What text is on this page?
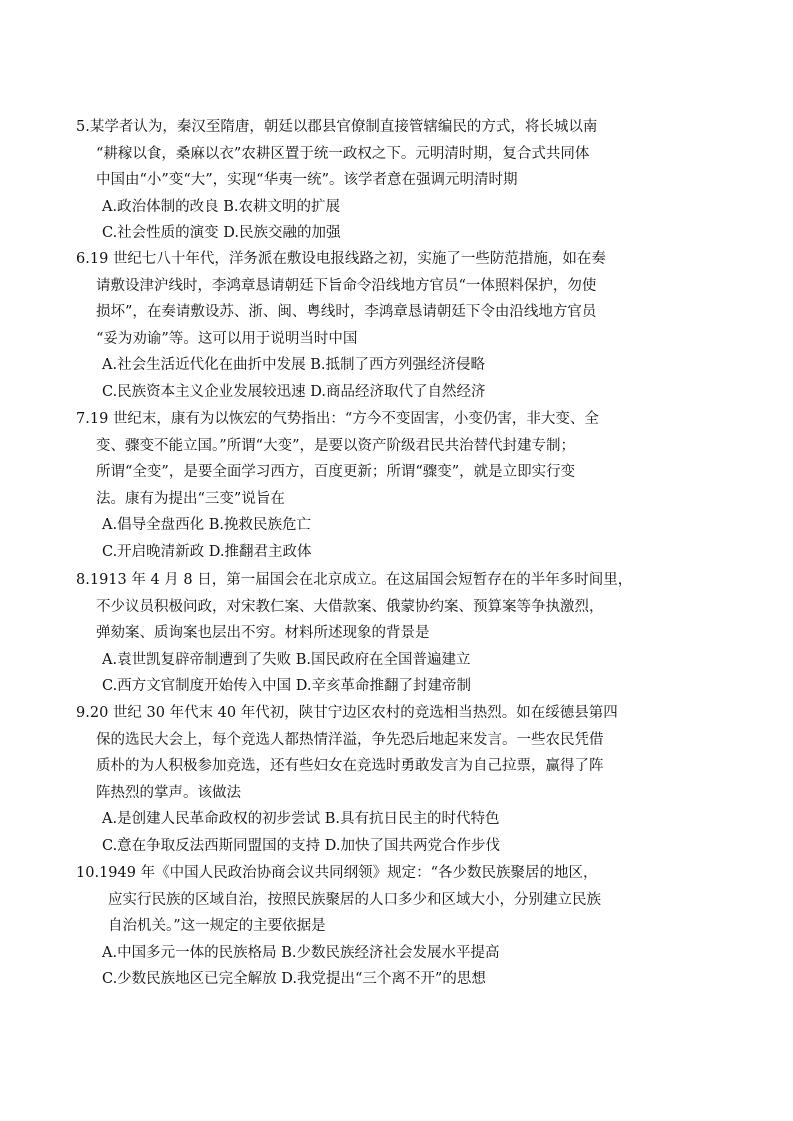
5.某学者认为，秦汉至隋唐，朝廷以郡县官僚制直接管辖编民的方式，将长城以南
“耕稼以食，桑麻以衣”农耕区置于统一政权之下。元明清时期，复合式共同体
中国由“小”变“大”，实现“华夷一统”。该学者意在强调元明清时期
A.政治体制的改良 B.农耕文明的扩展
C.社会性质的演变 D.民族交融的加强
6.19 世纪七八十年代，洋务派在敷设电报线路之初，实施了一些防范措施，如在奏
请敷设津沪线时，李鸿章恳请朝廷下旨命令沿线地方官员“一体照料保护，勿使
损坏”，在奏请敷设苏、浙、闽、粤线时，李鸿章恳请朝廷下令由沿线地方官员
“妥为劝谕”等。这可以用于说明当时中国
A.社会生活近代化在曲折中发展 B.抵制了西方列强经济侵略
C.民族资本主义企业发展较迅速 D.商品经济取代了自然经济
7.19 世纪末，康有为以恢宏的气势指出：“方今不变固害，小变仍害，非大变、全
变、骤变不能立国。”所谓“大变”，是要以资产阶级君民共治替代封建专制；
所谓“全变”，是要全面学习西方，百度更新；所谓“骤变”，就是立即实行变
法。康有为提出“三变”说旨在
A.倡导全盘西化 B.挽救民族危亡
C.开启晚清新政 D.推翻君主政体
8.1913 年 4 月 8 日，第一届国会在北京成立。在这届国会短暂存在的半年多时间里，
不少议员积极问政，对宋教仁案、大借款案、俄蒙协约案、预算案等争执激烈，
弹劾案、质询案也层出不穷。材料所述现象的背景是
A.袁世凯复辟帝制遭到了失败 B.国民政府在全国普遍建立
C.西方文官制度开始传入中国 D.辛亥革命推翻了封建帝制
9.20 世纪 30 年代末 40 年代初，陕甘宁边区农村的竞选相当热烈。如在绥德县第四
保的选民大会上，每个竞选人都热情洋溢，争先恐后地起来发言。一些农民凭借
质朴的为人积极参加竞选，还有些妇女在竞选时勇敢发言为自己拉票，赢得了阵
阵热烈的掌声。该做法
A.是创建人民革命政权的初步尝试 B.具有抗日民主的时代特色
C.意在争取反法西斯同盟国的支持 D.加快了国共两党合作步伐
10.1949 年《中国人民政治协商会议共同纲领》规定：“各少数民族聚居的地区，
应实行民族的区域自治，按照民族聚居的人口多少和区域大小，分别建立民族
自治机关。”这一规定的主要依据是
A.中国多元一体的民族格局 B.少数民族经济社会发展水平提高
C.少数民族地区已完全解放 D.我党提出“三个离不开”的思想
